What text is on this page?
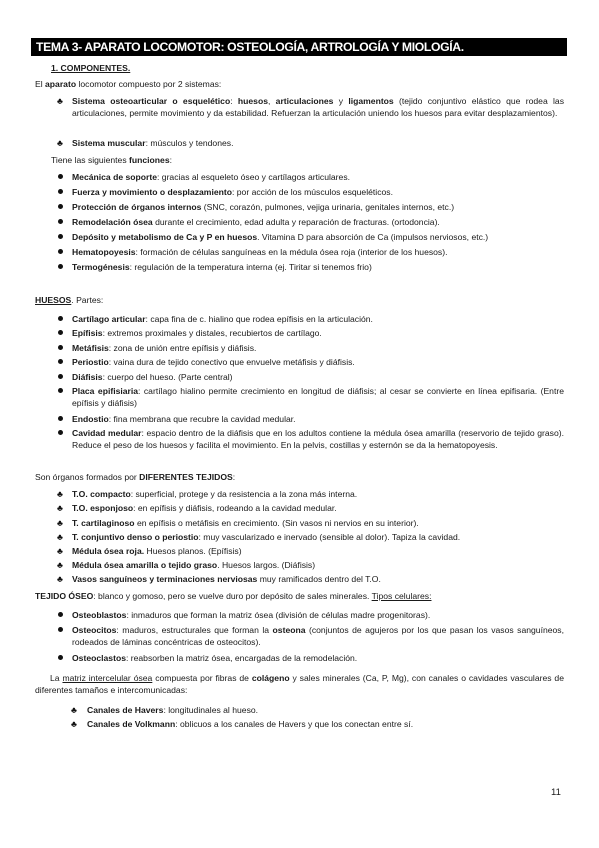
TEMA 3- APARATO LOCOMOTOR: OSTEOLOGÍA, ARTROLOGÍA Y MIOLOGÍA.
1. COMPONENTES.
El aparato locomotor compuesto por 2 sistemas:
♣ Sistema osteoarticular o esquelético: huesos, articulaciones y ligamentos (tejido conjuntivo elástico que rodea las articulaciones, permite movimiento y da estabilidad. Refuerzan la articulación uniendo los huesos para evitar desplazamientos).
♣ Sistema muscular: músculos y tendones.
Tiene las siguientes funciones:
Mecánica de soporte: gracias al esqueleto óseo y cartílagos articulares.
Fuerza y movimiento o desplazamiento: por acción de los músculos esqueléticos.
Protección de órganos internos (SNC, corazón, pulmones, vejiga urinaria, genitales internos, etc.)
Remodelación ósea durante el crecimiento, edad adulta y reparación de fracturas. (ortodoncia).
Depósito y metabolismo de Ca y P en huesos. Vitamina D para absorción de Ca (impulsos nerviosos, etc.)
Hematopoyesis: formación de células sanguíneas en la médula ósea roja (interior de los huesos).
Termogénesis: regulación de la temperatura interna (ej. Tiritar si tenemos frio)
HUESOS. Partes:
Cartílago articular: capa fina de c. hialino que rodea epífisis en la articulación.
Epífisis: extremos proximales y distales, recubiertos de cartílago.
Metáfisis: zona de unión entre epífisis y diáfisis.
Periostio: vaina dura de tejido conectivo que envuelve metáfisis y diáfisis.
Diáfisis: cuerpo del hueso. (Parte central)
Placa epifisiaria: cartílago hialino permite crecimiento en longitud de diáfisis; al cesar se convierte en línea epifisaria. (Entre epífisis y diáfisis)
Endostio: fina membrana que recubre la cavidad medular.
Cavidad medular: espacio dentro de la diáfisis que en los adultos contiene la médula ósea amarilla (reservorio de tejido graso). Reduce el peso de los huesos y facilita el movimiento. En la pelvis, costillas y esternón se da la hematopoyesis.
Son órganos formados por DIFERENTES TEJIDOS:
♣ T.O. compacto: superficial, protege y da resistencia a la zona más interna.
♣ T.O. esponjoso: en epífisis y diáfisis, rodeando a la cavidad medular.
♣ T. cartilaginoso en epífisis o metáfisis en crecimiento. (Sin vasos ni nervios en su interior).
♣ T. conjuntivo denso o periostio: muy vascularizado e inervado (sensible al dolor). Tapiza la cavidad.
♣ Médula ósea roja. Huesos planos. (Epífisis)
♣ Médula ósea amarilla o tejido graso. Huesos largos. (Diáfisis)
♣ Vasos sanguíneos y terminaciones nerviosas muy ramificados dentro del T.O.
TEJIDO ÓSEO: blanco y gomoso, pero se vuelve duro por depósito de sales minerales. Tipos celulares:
Osteoblastos: inmaduros que forman la matriz ósea (división de células madre progenitoras).
Osteocitos: maduros, estructurales que forman la osteona (conjuntos de agujeros por los que pasan los vasos sanguíneos, rodeados de láminas concéntricas de osteocitos).
Osteoclastos: reabsorben la matriz ósea, encargadas de la remodelación.
La matriz intercelular ósea compuesta por fibras de colágeno y sales minerales (Ca, P, Mg), con canales o cavidades vasculares de diferentes tamaños e intercomunicadas:
♣ Canales de Havers: longitudinales al hueso.
♣ Canales de Volkmann: oblicuos a los canales de Havers y que los conectan entre sí.
11
